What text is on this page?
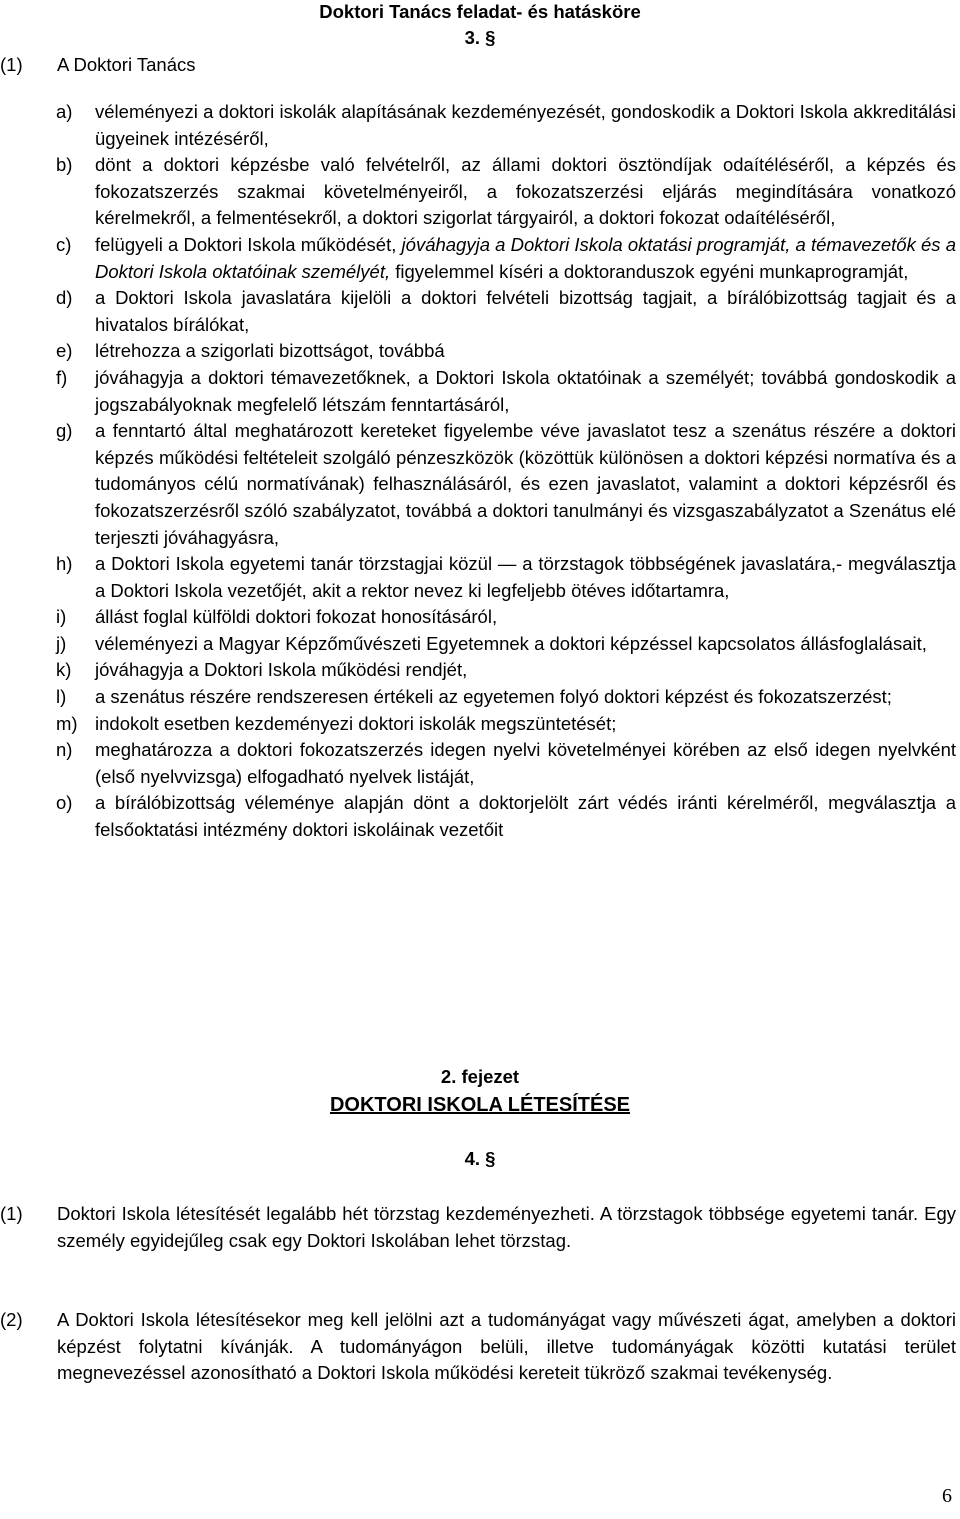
Doktori Tanács feladat- és hatásköre
3. §
(1) A Doktori Tanács
a)	véleményezi a doktori iskolák alapításának kezdeményezését, gondoskodik a Doktori Iskola akkreditálási ügyeinek intézéséről,
b)	dönt a doktori képzésbe való felvételről, az állami doktori ösztöndíjak odaítéléséről, a képzés és fokozatszerzés szakmai követelményeiről, a fokozatszerzési eljárás megindítására vonatkozó kérelmekről, a felmentésekről, a doktori szigorlat tárgyairól, a doktori fokozat odaítéléséről,
c)	felügyeli a Doktori Iskola működését, jóváhagyja a Doktori Iskola oktatási programját, a témavezetők és a Doktori Iskola oktatóinak személyét, figyelemmel kíséri a doktoranduszok egyéni munkaprogramját,
d)	a Doktori Iskola javaslatára kijelöli a doktori felvételi bizottság tagjait, a bírálóbizottság tagjait és a hivatalos bírálókat,
e)	létrehozza a szigorlati bizottságot, továbbá
f)	jóváhagyja a doktori témavezetőknek, a Doktori Iskola oktatóinak a személyét; továbbá gondoskodik a jogszabályoknak megfelelő létszám fenntartásáról,
g)	a fenntartó által meghatározott kereteket figyelembe véve javaslatot tesz a szenátus részére a doktori képzés működési feltételeit szolgáló pénzeszközök (közöttük különösen a doktori képzési normatíva és a tudományos célú normatívának) felhasználásáról, és ezen javaslatot, valamint a doktori képzésről és fokozatszerzésről szóló szabályzatot, továbbá a doktori tanulmányi és vizsgaszabályzatot a Szenátus elé terjeszti jóváhagyásra,
h)	a Doktori Iskola egyetemi tanár törzstagjai közül — a törzstagok többségének javaslatára,- megválasztja a Doktori Iskola vezetőjét, akit a rektor nevez ki legfeljebb ötéves időtartamra,
i)	állást foglal külföldi doktori fokozat honosításáról,
j)	véleményezi a Magyar Képzőművészeti Egyetemnek a doktori képzéssel kapcsolatos állásfoglalásait,
k)	jóváhagyja a Doktori Iskola működési rendjét,
l)	a szenátus részére rendszeresen értékeli az egyetemen folyó doktori képzést és fokozatszerzést;
m) indokolt esetben kezdeményezi doktori iskolák megszüntetését;
n)	meghatározza a doktori fokozatszerzés idegen nyelvi követelményei körében az első idegen nyelvként (első nyelvvizsga) elfogadható nyelvek listáját,
o)	a bírálóbizottság véleménye alapján dönt a doktorjelölt zárt védés iránti kérelméről, megválasztja a felsőoktatási intézmény doktori iskoláinak vezetőit
2. fejezet
DOKTORI ISKOLA LÉTESÍTÉSE
4. §
(1)	Doktori Iskola létesítését legalább hét törzstag kezdeményezheti. A törzstagok többsége egyetemi tanár. Egy személy egyidejűleg csak egy Doktori Iskolában lehet törzstag.
(2)	A Doktori Iskola létesítésekor meg kell jelölni azt a tudományágat vagy művészeti ágat, amelyben a doktori képzést folytatni kívánják. A tudományágon belüli, illetve tudományágak közötti kutatási terület megnevezéssel azonosítható a Doktori Iskola működési kereteit tükröző szakmai tevékenység.
6
